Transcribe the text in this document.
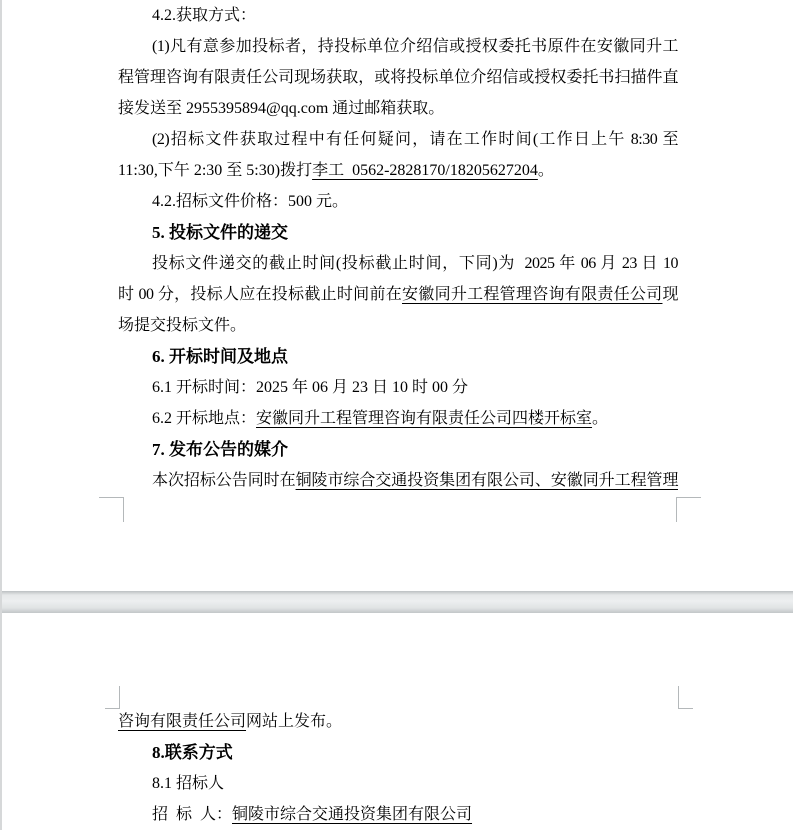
4.2.获取方式：
(1)凡有意参加投标者，持投标单位介绍信或授权委托书原件在安徽同升工
程管理咨询有限责任公司现场获取，或将投标单位介绍信或授权委托书扫描件直
接发送至 2955395894@qq.com 通过邮箱获取。
(2)招标文件获取过程中有任何疑问，请在工作时间(工作日上午 8:30 至
11:30,下午 2:30 至 5:30)拨打李工  0562-2828170/18205627204。
4.2.招标文件价格：500 元。
5. 投标文件的递交
投标文件递交的截止时间(投标截止时间，下同)为  2025 年 06 月 23 日 10
时 00 分，投标人应在投标截止时间前在安徽同升工程管理咨询有限责任公司现
场提交投标文件。
6. 开标时间及地点
6.1 开标时间：2025 年 06 月 23 日 10 时 00 分
6.2 开标地点：安徽同升工程管理咨询有限责任公司四楼开标室。
7. 发布公告的媒介
本次招标公告同时在铜陵市综合交通投资集团有限公司、安徽同升工程管理
咨询有限责任公司网站上发布。
8.联系方式
8.1 招标人
招  标  人：铜陵市综合交通投资集团有限公司
